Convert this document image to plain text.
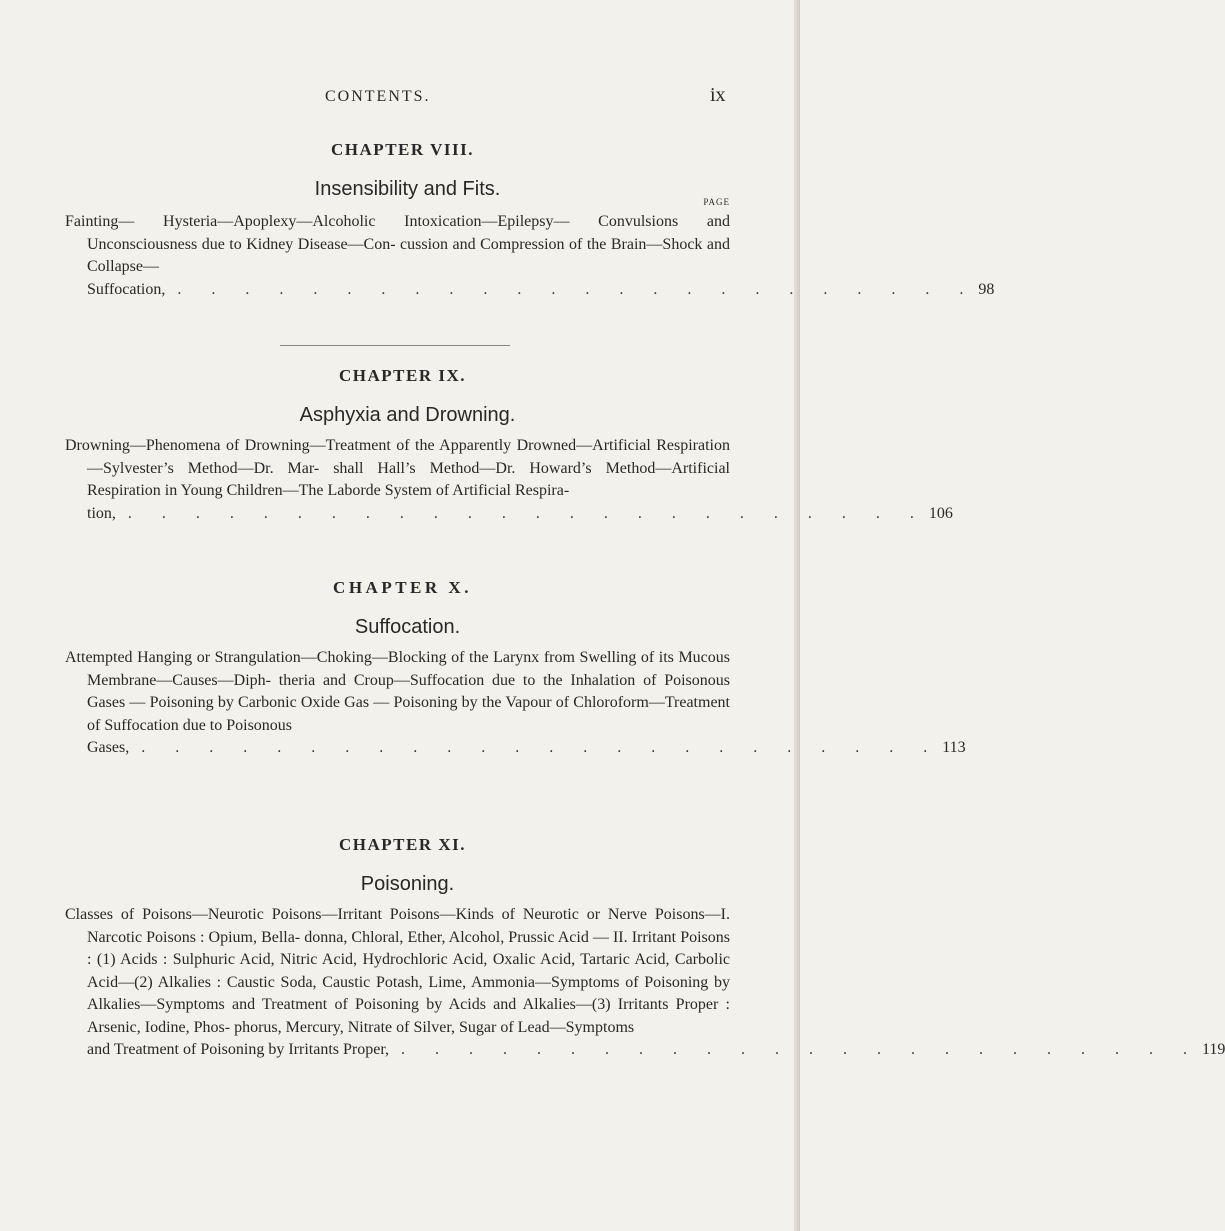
CONTENTS.	ix
CHAPTER VIII.
Insensibility and Fits.

PAGE

Fainting— Hysteria—Apoplexy—Alcoholic Intoxication—Epilepsy— Convulsions and Unconsciousness due to Kidney Disease—Con- cussion and Compression of the Brain—Shock and Collapse—
Suffocation, . . . . . . . . . . . . . . . . . . . . . . . . 98
CHAPTER IX.
Asphyxia and Drowning.
Drowning—Phenomena of Drowning—Treatment of the Apparently Drowned—Artificial Respiration—Sylvester’s Method—Dr. Mar- shall Hall’s Method—Dr. Howard’s Method—Artificial Respiration in Young Children—The Laborde System of Artificial Respira-
tion, . . . . . . . . . . . . . . . . . . . . . . . . 106
CHAPTER X.
Suffocation.
Attempted Hanging or Strangulation—Choking—Blocking of the Larynx from Swelling of its Mucous Membrane—Causes—Diph- theria and Croup—Suffocation due to the Inhalation of Poisonous Gases — Poisoning by Carbonic Oxide Gas — Poisoning by the Vapour of Chloroform—Treatment of Suffocation due to Poisonous
Gases, . . . . . . . . . . . . . . . . . . . . . . . . 113
CHAPTER XI.
Poisoning.
Classes of Poisons—Neurotic Poisons—Irritant Poisons—Kinds of Neurotic or Nerve Poisons—I. Narcotic Poisons : Opium, Bella- donna, Chloral, Ether, Alcohol, Prussic Acid — II. Irritant Poisons : (1) Acids : Sulphuric Acid, Nitric Acid, Hydrochloric Acid, Oxalic Acid, Tartaric Acid, Carbolic Acid—(2) Alkalies : Caustic Soda, Caustic Potash, Lime, Ammonia—Symptoms of Poisoning by Alkalies—Symptoms and Treatment of Poisoning by Acids and Alkalies—(3) Irritants Proper : Arsenic, Iodine, Phos- phorus, Mercury, Nitrate of Silver, Sugar of Lead—Symptoms
and Treatment of Poisoning by Irritants Proper, . . . . . . . . . . . . . . . . . . . . . . . . 119
